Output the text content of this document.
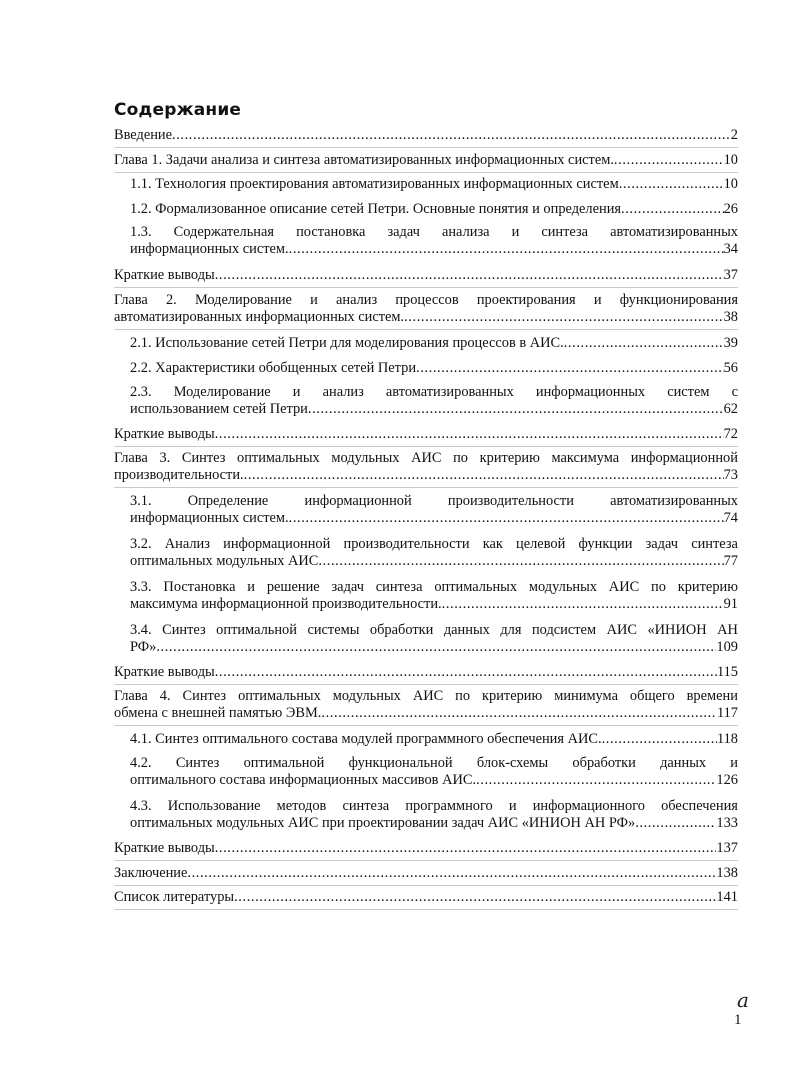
Содержание
Введение .....	2
Глава 1. Задачи анализа и синтеза автоматизированных информационных систем. .....	10
1.1. Технология проектирования автоматизированных информационных систем .....	10
1.2. Формализованное описание сетей Петри. Основные понятия и определения .....	26
1.3. Содержательная постановка задач анализа и синтеза автоматизированных
информационных систем. .....	34
Краткие выводы .....	37
Глава 2. Моделирование и анализ процессов проектирования и функционирования
автоматизированных информационных систем. .....	38
2.1. Использование сетей Петри для моделирования процессов в АИС. .....	39
2.2. Характеристики обобщенных сетей Петри .....	56
2.3. Моделирование и анализ автоматизированных информационных систем с
использованием сетей Петри .....	62
Краткие выводы .....	72
Глава 3. Синтез оптимальных модульных АИС по критерию максимума информационной
производительности. .....	73
3.1.	Определение	информационной	производительности	автоматизированных
информационных систем. .....	74
3.2. Анализ информационной производительности как целевой функции задач синтеза
оптимальных модульных АИС .....	77
3.3. Постановка и решение задач синтеза оптимальных модульных АИС по критерию
максимума информационной производительности. .....	91
3.4. Синтез оптимальной системы обработки данных для подсистем АИС «ИНИОН АН
РФ» .....	109
Краткие выводы .....	115
Глава 4. Синтез оптимальных модульных АИС по критерию минимума общего времени
обмена с внешней памятью ЭВМ. .....	117
4.1. Синтез оптимального состава модулей программного обеспечения АИС. .....	118
4.2. Синтез оптимальной функциональной блок-схемы обработки данных и
оптимального состава информационных массивов АИС. .....	126
4.3. Использование методов синтеза программного и информационного обеспечения
оптимальных модульных АИС при проектировании задач АИС «ИНИОН АН РФ» .....	133
Краткие выводы .....	137
Заключение .....	138
Список литературы .....	141
a
1
